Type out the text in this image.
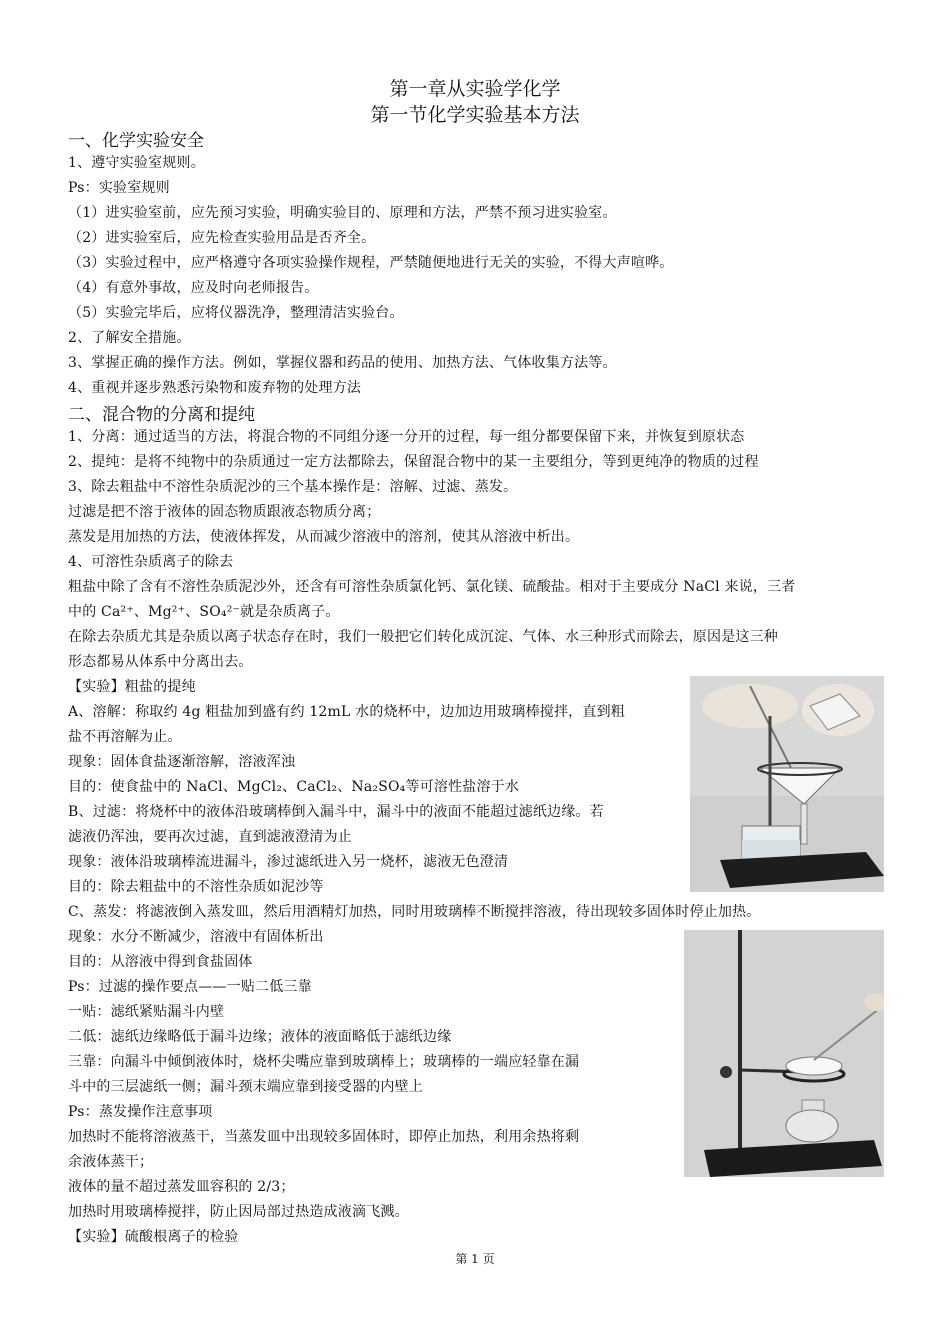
第一章从实验学化学
第一节化学实验基本方法
一、化学实验安全
1、遵守实验室规则。
Ps：实验室规则
（1）进实验室前，应先预习实验，明确实验目的、原理和方法，严禁不预习进实验室。
（2）进实验室后，应先检查实验用品是否齐全。
（3）实验过程中，应严格遵守各项实验操作规程，严禁随便地进行无关的实验，不得大声喧哗。
（4）有意外事故，应及时向老师报告。
（5）实验完毕后，应将仪器洗净，整理清洁实验台。
2、了解安全措施。
3、掌握正确的操作方法。例如，掌握仪器和药品的使用、加热方法、气体收集方法等。
4、重视并逐步熟悉污染物和废弃物的处理方法
二、混合物的分离和提纯
1、分离：通过适当的方法，将混合物的不同组分逐一分开的过程，每一组分都要保留下来，并恢复到原状态
2、提纯：是将不纯物中的杂质通过一定方法都除去，保留混合物中的某一主要组分，等到更纯净的物质的过程
3、除去粗盐中不溶性杂质泥沙的三个基本操作是：溶解、过滤、蒸发。
过滤是把不溶于液体的固态物质跟液态物质分离；
蒸发是用加热的方法，使液体挥发，从而减少溶液中的溶剂，使其从溶液中析出。
4、可溶性杂质离子的除去
粗盐中除了含有不溶性杂质泥沙外，还含有可溶性杂质氯化钙、氯化镁、硫酸盐。相对于主要成分 NaCl 来说，三者
中的 Ca²⁺、Mg²⁺、SO₄²⁻就是杂质离子。
在除去杂质尤其是杂质以离子状态存在时，我们一般把它们转化成沉淀、气体、水三种形式而除去，原因是这三种
形态都易从体系中分离出去。
【实验】粗盐的提纯
A、溶解：称取约 4g 粗盐加到盛有约 12mL 水的烧杯中，边加边用玻璃棒搅拌，直到粗
盐不再溶解为止。
现象：固体食盐逐渐溶解，溶液浑浊
目的：使食盐中的 NaCl、MgCl₂、CaCl₂、Na₂SO₄等可溶性盐溶于水
B、过滤：将烧杯中的液体沿玻璃棒倒入漏斗中，漏斗中的液面不能超过滤纸边缘。若
滤液仍浑浊，要再次过滤，直到滤液澄清为止
现象：液体沿玻璃棒流进漏斗，渗过滤纸进入另一烧杯，滤液无色澄清
目的：除去粗盐中的不溶性杂质如泥沙等
C、蒸发：将滤液倒入蒸发皿，然后用酒精灯加热，同时用玻璃棒不断搅拌溶液，待出现较多固体时停止加热。
现象：水分不断减少，溶液中有固体析出
目的：从溶液中得到食盐固体
Ps：过滤的操作要点——一贴二低三靠
一贴：滤纸紧贴漏斗内壁
二低：滤纸边缘略低于漏斗边缘；液体的液面略低于滤纸边缘
三靠：向漏斗中倾倒液体时，烧杯尖嘴应靠到玻璃棒上；玻璃棒的一端应轻靠在漏
斗中的三层滤纸一侧；漏斗颈末端应靠到接受器的内壁上
Ps：蒸发操作注意事项
加热时不能将溶液蒸干，当蒸发皿中出现较多固体时，即停止加热，利用余热将剩
余液体蒸干；
液体的量不超过蒸发皿容积的 2/3；
加热时用玻璃棒搅拌，防止因局部过热造成液滴飞溅。
【实验】硫酸根离子的检验
第 1 页
